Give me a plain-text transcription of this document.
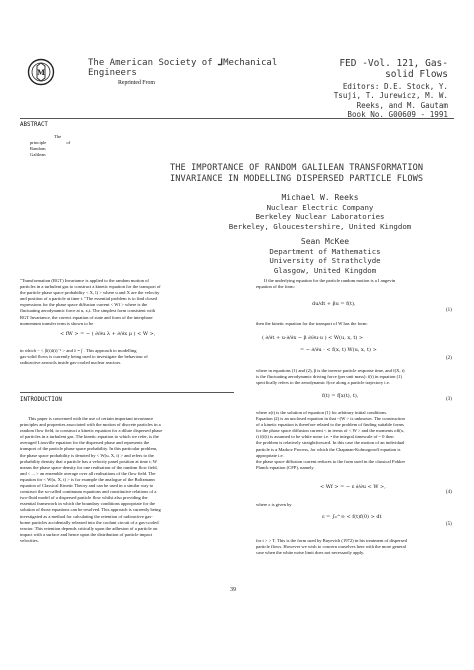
M
The American Society of ⅃Mechanical
Engineers
Reprinted From
FED -Vol. 121, Gas-
solid Flows
Editors: D.E. Stock, Y.
Tsuji, T. Jurewicz, M. W.
Reeks, and M. Gautam
Book No. G00609 - 1991
ABSTRACT
The
principle	of
Random
Galilean
THE IMPORTANCE OF RANDOM GALILEAN TRANSFORMATION
INVARIANCE IN MODELLING DISPERSED PARTICLE FLOWS
Michael W. Reeks
Nuclear Electric Company
Berkeley Nuclear Laboratories
Berkeley, Gloucestershire, United Kingdom
Sean McKee
Department of Mathematics
University of Strathclyde
Glasgow, United Kingdom
"Transformation (RGT) Invariance is applied to the random motion of
particles in a turbulent gas to construct a kinetic equation for the transport of
the particle phase space probability < X, l) > where u and X are the velocity
and position of a particle at time t. "The essential problem is to find closed
expressions for the phase space diffusion current < Wf > where is the
fluctuating aerodynamic force at u, x,t. The simplest form consistent with
RGT Invariance, the correct equation of state and form of the interphase
momentum transfer term is shown to be
< fW > = − ( ∂/∂u λ + ∂/∂x μ ) < W >,
in which − < ∫f(t)f(t)⁻¹ > and λ = ∫ . This approach to modelling
gas-solid flows is currently being used to investigate the behaviour of
radioactive aerosols inside gas-cooled nuclear reactors.
INTRODUCTION
This paper is concerned with the use of certain important invariance
principles and properties associated with the motion of discrete particles in a
random flow field, to construct a kinetic equation for a dilute dispersed phase
of particles in a turbulent gas. The kinetic equation to which we refer, is the
averaged Liouville equation for the dispersed phase and represents the
transport of the particle phase space probability. In this particular problem,
the phase space probability is denoted by < W(u, X, t) > and refers to the
probability density that a particle has a velocity panel position at time t; W
means the phase space density for one realisation of the random flow field,
and < ... > an ensemble average over all realisations of the flow field. The
equation for < W(u, X, t) > is for example the analogue of the Boltzmann
equation of Classical Kinetic Theory and can be used in a similar way to
construct the so-called continuum equations and constitutive relations of a
two-fluid model of a dispersed particle flow whilst also providing the
essential framework in which the boundary conditions appropriate for the
solution of those equations can be resolved. This approach is currently being
investigated as a method for calculating the retention of radioactive gas-
borne particles accidentally released into the coolant circuit of a gas-cooled
reactor. This retention depends critically upon the adhesion of a particle on
impact with a surface and hence upon the distribution of particle impact
velocities.
If the underlying equation for the particle random motion is a I angevin
equation of the form:
du/dt + βu = f(t),
(1)
then the kinetic equation for the transport of W has the form:
( ∂/∂t + u·∂/∂x − β ∂/∂u·u ) < W(u, x, t) >
= − ∂/∂u · < f(x, t) W(u, x, t) >
(2)
where in equations (1) and (2), β is the inverse particle response time, and f(X, t)
is the fluctuating aerodynamic driving force (per unit mass): f(t) in equation (1)
specifically refers to the aerodynamic f(rce along a particle trajectory i.e.
f(t) = f[x(t), t),
(3)
where x(t) is the solution of equation (1) for arbitrary initial conditions.
Equation (2) is an unclosed equation in that ~(W > is unknown. The construction
of a kinetic equation is therefore related to the problem of finding suitable forms
for the phase space diffusion current < in terms of < W > and the moments off(x,
t) f(f(t) is assumed to be white noise i.e. • the integral timescale of ~ 0 then
the problem is relatively straightforward. In this case the motion of an individual
particle is a Markov Process, for which the Chapman-Kolmogoroff equation is
appropriate i.e.
the phase space diffusion current reduces to the form used in the classical Fokker
Planck equation (CFP), namely
< Wf > = − ε ∂/∂u < W >,
(4)
where ε is given by
ε = ∫₀^∞ < f(t)f(0) > dt
(5)
for t > > T. This is the form used by Buyevich (1972) in his treatment of dispersed
particle flows. However we wish to concern ourselves here with the more general
case when the white noise limit does not necessarily apply.
39
